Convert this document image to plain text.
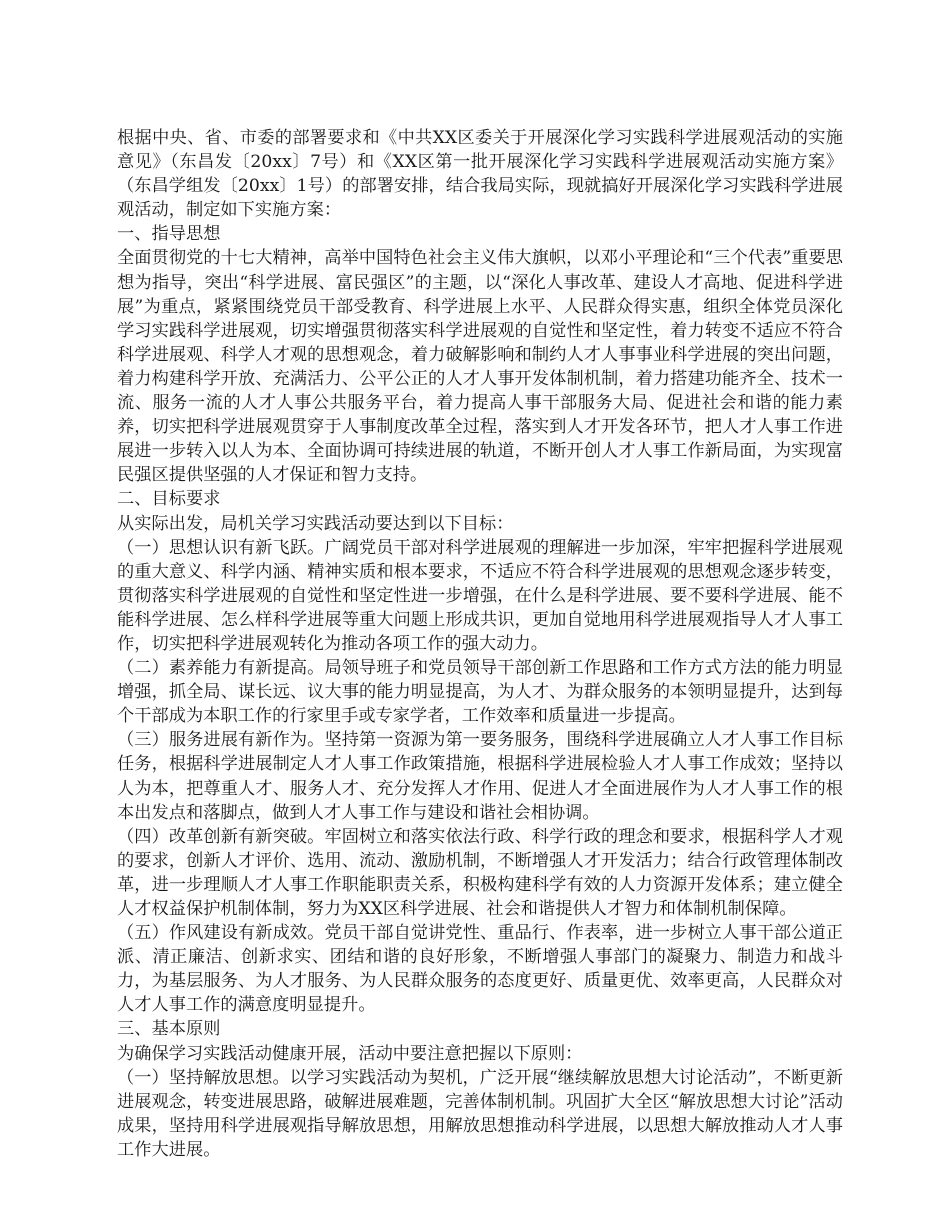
根据中央、省、市委的部署要求和《中共XX区委关于开展深化学习实践科学进展观活动的实施意见》（东昌发〔20xx〕7号）和《XX区第一批开展深化学习实践科学进展观活动实施方案》（东昌学组发〔20xx〕1号）的部署安排，结合我局实际，现就搞好开展深化学习实践科学进展观活动，制定如下实施方案：

一、指导思想

全面贯彻党的十七大精神，高举中国特色社会主义伟大旗帜，以邓小平理论和“三个代表”重要思想为指导，突出“科学进展、富民强区”的主题，以“深化人事改革、建设人才高地、促进科学进展”为重点，紧紧围绕党员干部受教育、科学进展上水平、人民群众得实惠，组织全体党员深化学习实践科学进展观，切实增强贯彻落实科学进展观的自觉性和坚定性，着力转变不适应不符合科学进展观、科学人才观的思想观念，着力破解影响和制约人才人事事业科学进展的突出问题，着力构建科学开放、充满活力、公平公正的人才人事开发体制机制，着力搭建功能齐全、技术一流、服务一流的人才人事公共服务平台，着力提高人事干部服务大局、促进社会和谐的能力素养，切实把科学进展观贯穿于人事制度改革全过程，落实到人才开发各环节，把人才人事工作进展进一步转入以人为本、全面协调可持续进展的轨道，不断开创人才人事工作新局面，为实现富民强区提供坚强的人才保证和智力支持。

二、目标要求

从实际出发，局机关学习实践活动要达到以下目标：

（一）思想认识有新飞跃。广阔党员干部对科学进展观的理解进一步加深，牢牢把握科学进展观的重大意义、科学内涵、精神实质和根本要求，不适应不符合科学进展观的思想观念逐步转变，贯彻落实科学进展观的自觉性和坚定性进一步增强，在什么是科学进展、要不要科学进展、能不能科学进展、怎么样科学进展等重大问题上形成共识，更加自觉地用科学进展观指导人才人事工作，切实把科学进展观转化为推动各项工作的强大动力。

（二）素养能力有新提高。局领导班子和党员领导干部创新工作思路和工作方式方法的能力明显增强，抓全局、谋长远、议大事的能力明显提高，为人才、为群众服务的本领明显提升，达到每个干部成为本职工作的行家里手或专家学者，工作效率和质量进一步提高。

（三）服务进展有新作为。坚持第一资源为第一要务服务，围绕科学进展确立人才人事工作目标任务，根据科学进展制定人才人事工作政策措施，根据科学进展检验人才人事工作成效；坚持以人为本，把尊重人才、服务人才、充分发挥人才作用、促进人才全面进展作为人才人事工作的根本出发点和落脚点，做到人才人事工作与建设和谐社会相协调。

（四）改革创新有新突破。牢固树立和落实依法行政、科学行政的理念和要求，根据科学人才观的要求，创新人才评价、选用、流动、激励机制，不断增强人才开发活力；结合行政管理体制改革，进一步理顺人才人事工作职能职责关系，积极构建科学有效的人力资源开发体系；建立健全人才权益保护机制体制，努力为XX区科学进展、社会和谐提供人才智力和体制机制保障。

（五）作风建设有新成效。党员干部自觉讲党性、重品行、作表率，进一步树立人事干部公道正派、清正廉洁、创新求实、团结和谐的良好形象，不断增强人事部门的凝聚力、制造力和战斗力，为基层服务、为人才服务、为人民群众服务的态度更好、质量更优、效率更高，人民群众对人才人事工作的满意度明显提升。

三、基本原则

为确保学习实践活动健康开展，活动中要注意把握以下原则：

（一）坚持解放思想。以学习实践活动为契机，广泛开展“继续解放思想大讨论活动”，不断更新进展观念，转变进展思路，破解进展难题，完善体制机制。巩固扩大全区“解放思想大讨论”活动成果，坚持用科学进展观指导解放思想，用解放思想推动科学进展，以思想大解放推动人才人事工作大进展。
